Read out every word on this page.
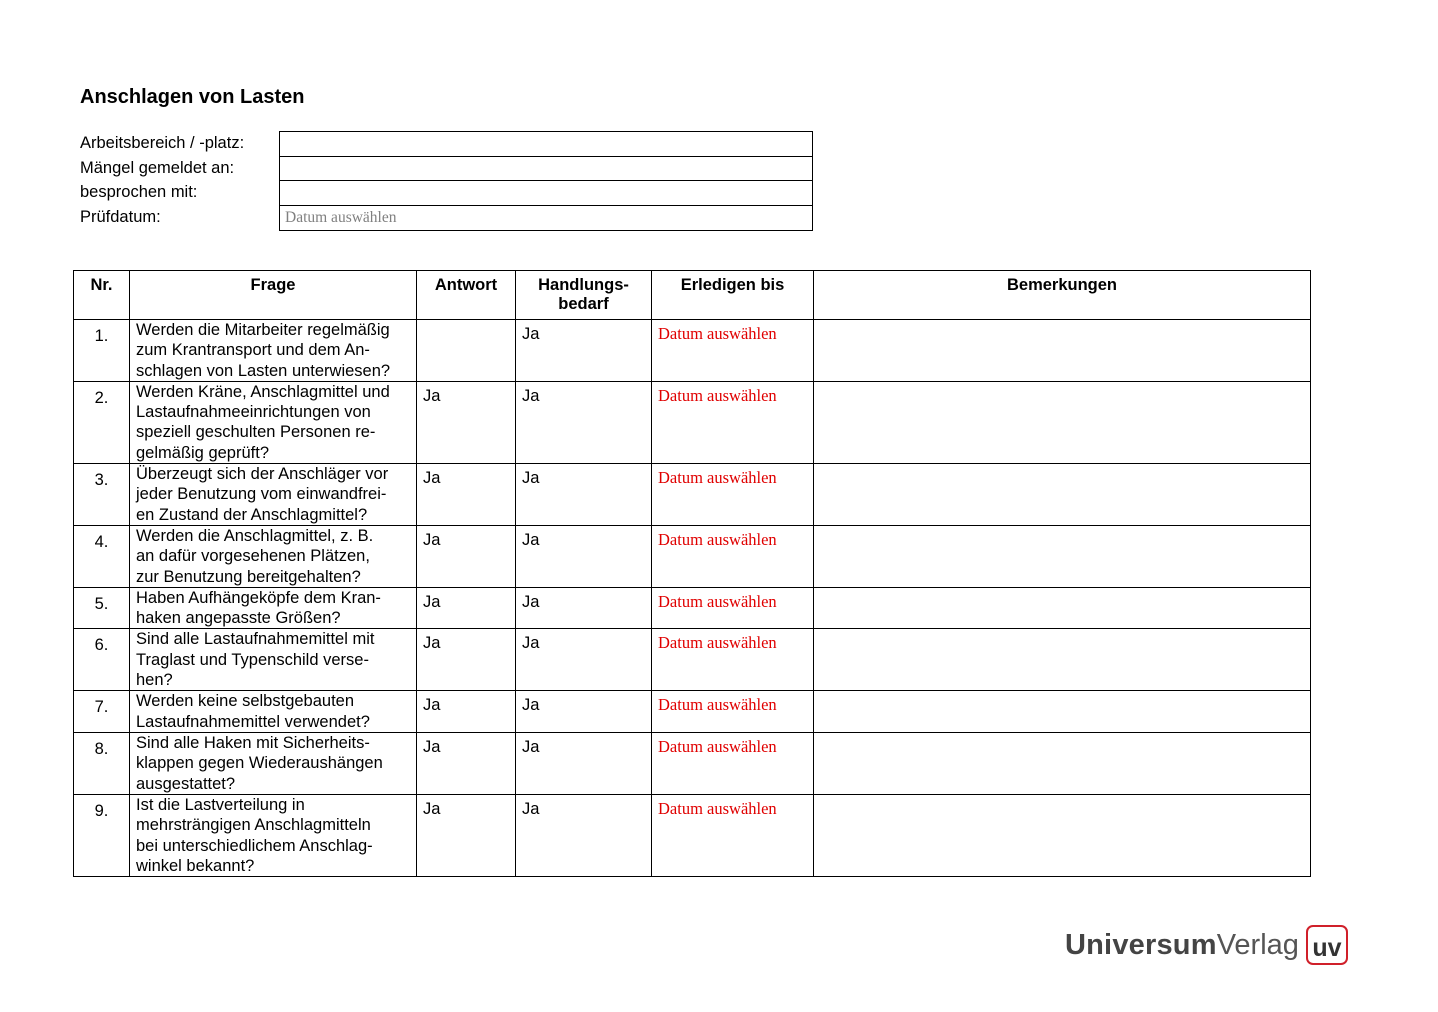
Anschlagen von Lasten
Arbeitsbereich / -platz:
Mängel gemeldet an:
besprochen mit:
Prüfdatum:	Datum auswählen
Nr.	Frage	Antwort	Handlungs-
bedarf	Erledigen bis	Bemerkungen
1.	Werden die Mitarbeiter regelmäßig
zum Krantransport und dem An-
schlagen von Lasten unterwiesen?		Ja	Datum auswählen	
2.	Werden Kräne, Anschlagmittel und
Lastaufnahmeeinrichtungen von
speziell geschulten Personen re-
gelmäßig geprüft?	Ja	Ja	Datum auswählen	
3.	Überzeugt sich der Anschläger vor
jeder Benutzung vom einwandfrei-
en Zustand der Anschlagmittel?	Ja	Ja	Datum auswählen	
4.	Werden die Anschlagmittel, z. B.
an dafür vorgesehenen Plätzen,
zur Benutzung bereitgehalten?	Ja	Ja	Datum auswählen	
5.	Haben Aufhängeköpfe dem Kran-
haken angepasste Größen?	Ja	Ja	Datum auswählen	
6.	Sind alle Lastaufnahmemittel mit
Traglast und Typenschild verse-
hen?	Ja	Ja	Datum auswählen	
7.	Werden keine selbstgebauten
Lastaufnahmemittel verwendet?	Ja	Ja	Datum auswählen	
8.	Sind alle Haken mit Sicherheits-
klappen gegen Wiederaushängen
ausgestattet?	Ja	Ja	Datum auswählen	
9.	Ist die Lastverteilung in
mehrsträngigen Anschlagmitteln
bei unterschiedlichem Anschlag-
winkel bekannt?	Ja	Ja	Datum auswählen	
Universum Verlag uv
